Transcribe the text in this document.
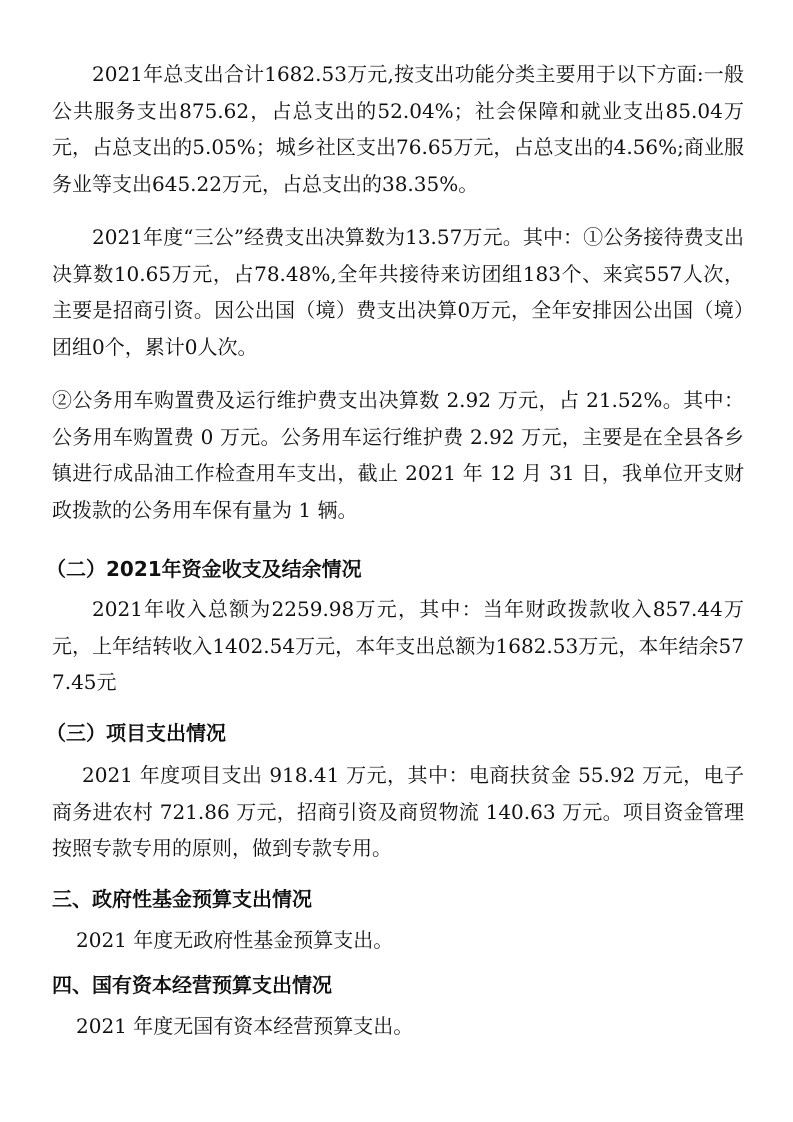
2021年总支出合计1682.53万元,按支出功能分类主要用于以下方面:一般公共服务支出875.62，占总支出的52.04%；社会保障和就业支出85.04万元，占总支出的5.05%；城乡社区支出76.65万元，占总支出的4.56%;商业服务业等支出645.22万元，占总支出的38.35%。

2021年度“三公”经费支出决算数为13.57万元。其中：①公务接待费支出决算数10.65万元，占78.48%,全年共接待来访团组183个、来宾557人次，主要是招商引资。因公出国（境）费支出决算0万元，全年安排因公出国（境）团组0个，累计0人次。

②公务用车购置费及运行维护费支出决算数 2.92 万元，占 21.52%。其中：公务用车购置费 0 万元。公务用车运行维护费 2.92 万元，主要是在全县各乡镇进行成品油工作检查用车支出，截止 2021 年 12 月 31 日，我单位开支财政拨款的公务用车保有量为 1 辆。

（二）2021年资金收支及结余情况

2021年收入总额为2259.98万元，其中：当年财政拨款收入857.44万元，上年结转收入1402.54万元，本年支出总额为1682.53万元，本年结余577.45元

（三）项目支出情况

2021 年度项目支出 918.41 万元，其中：电商扶贫金 55.92 万元，电子商务进农村 721.86 万元，招商引资及商贸物流 140.63 万元。项目资金管理按照专款专用的原则，做到专款专用。

三、政府性基金预算支出情况

2021 年度无政府性基金预算支出。

四、国有资本经营预算支出情况

2021 年度无国有资本经营预算支出。
